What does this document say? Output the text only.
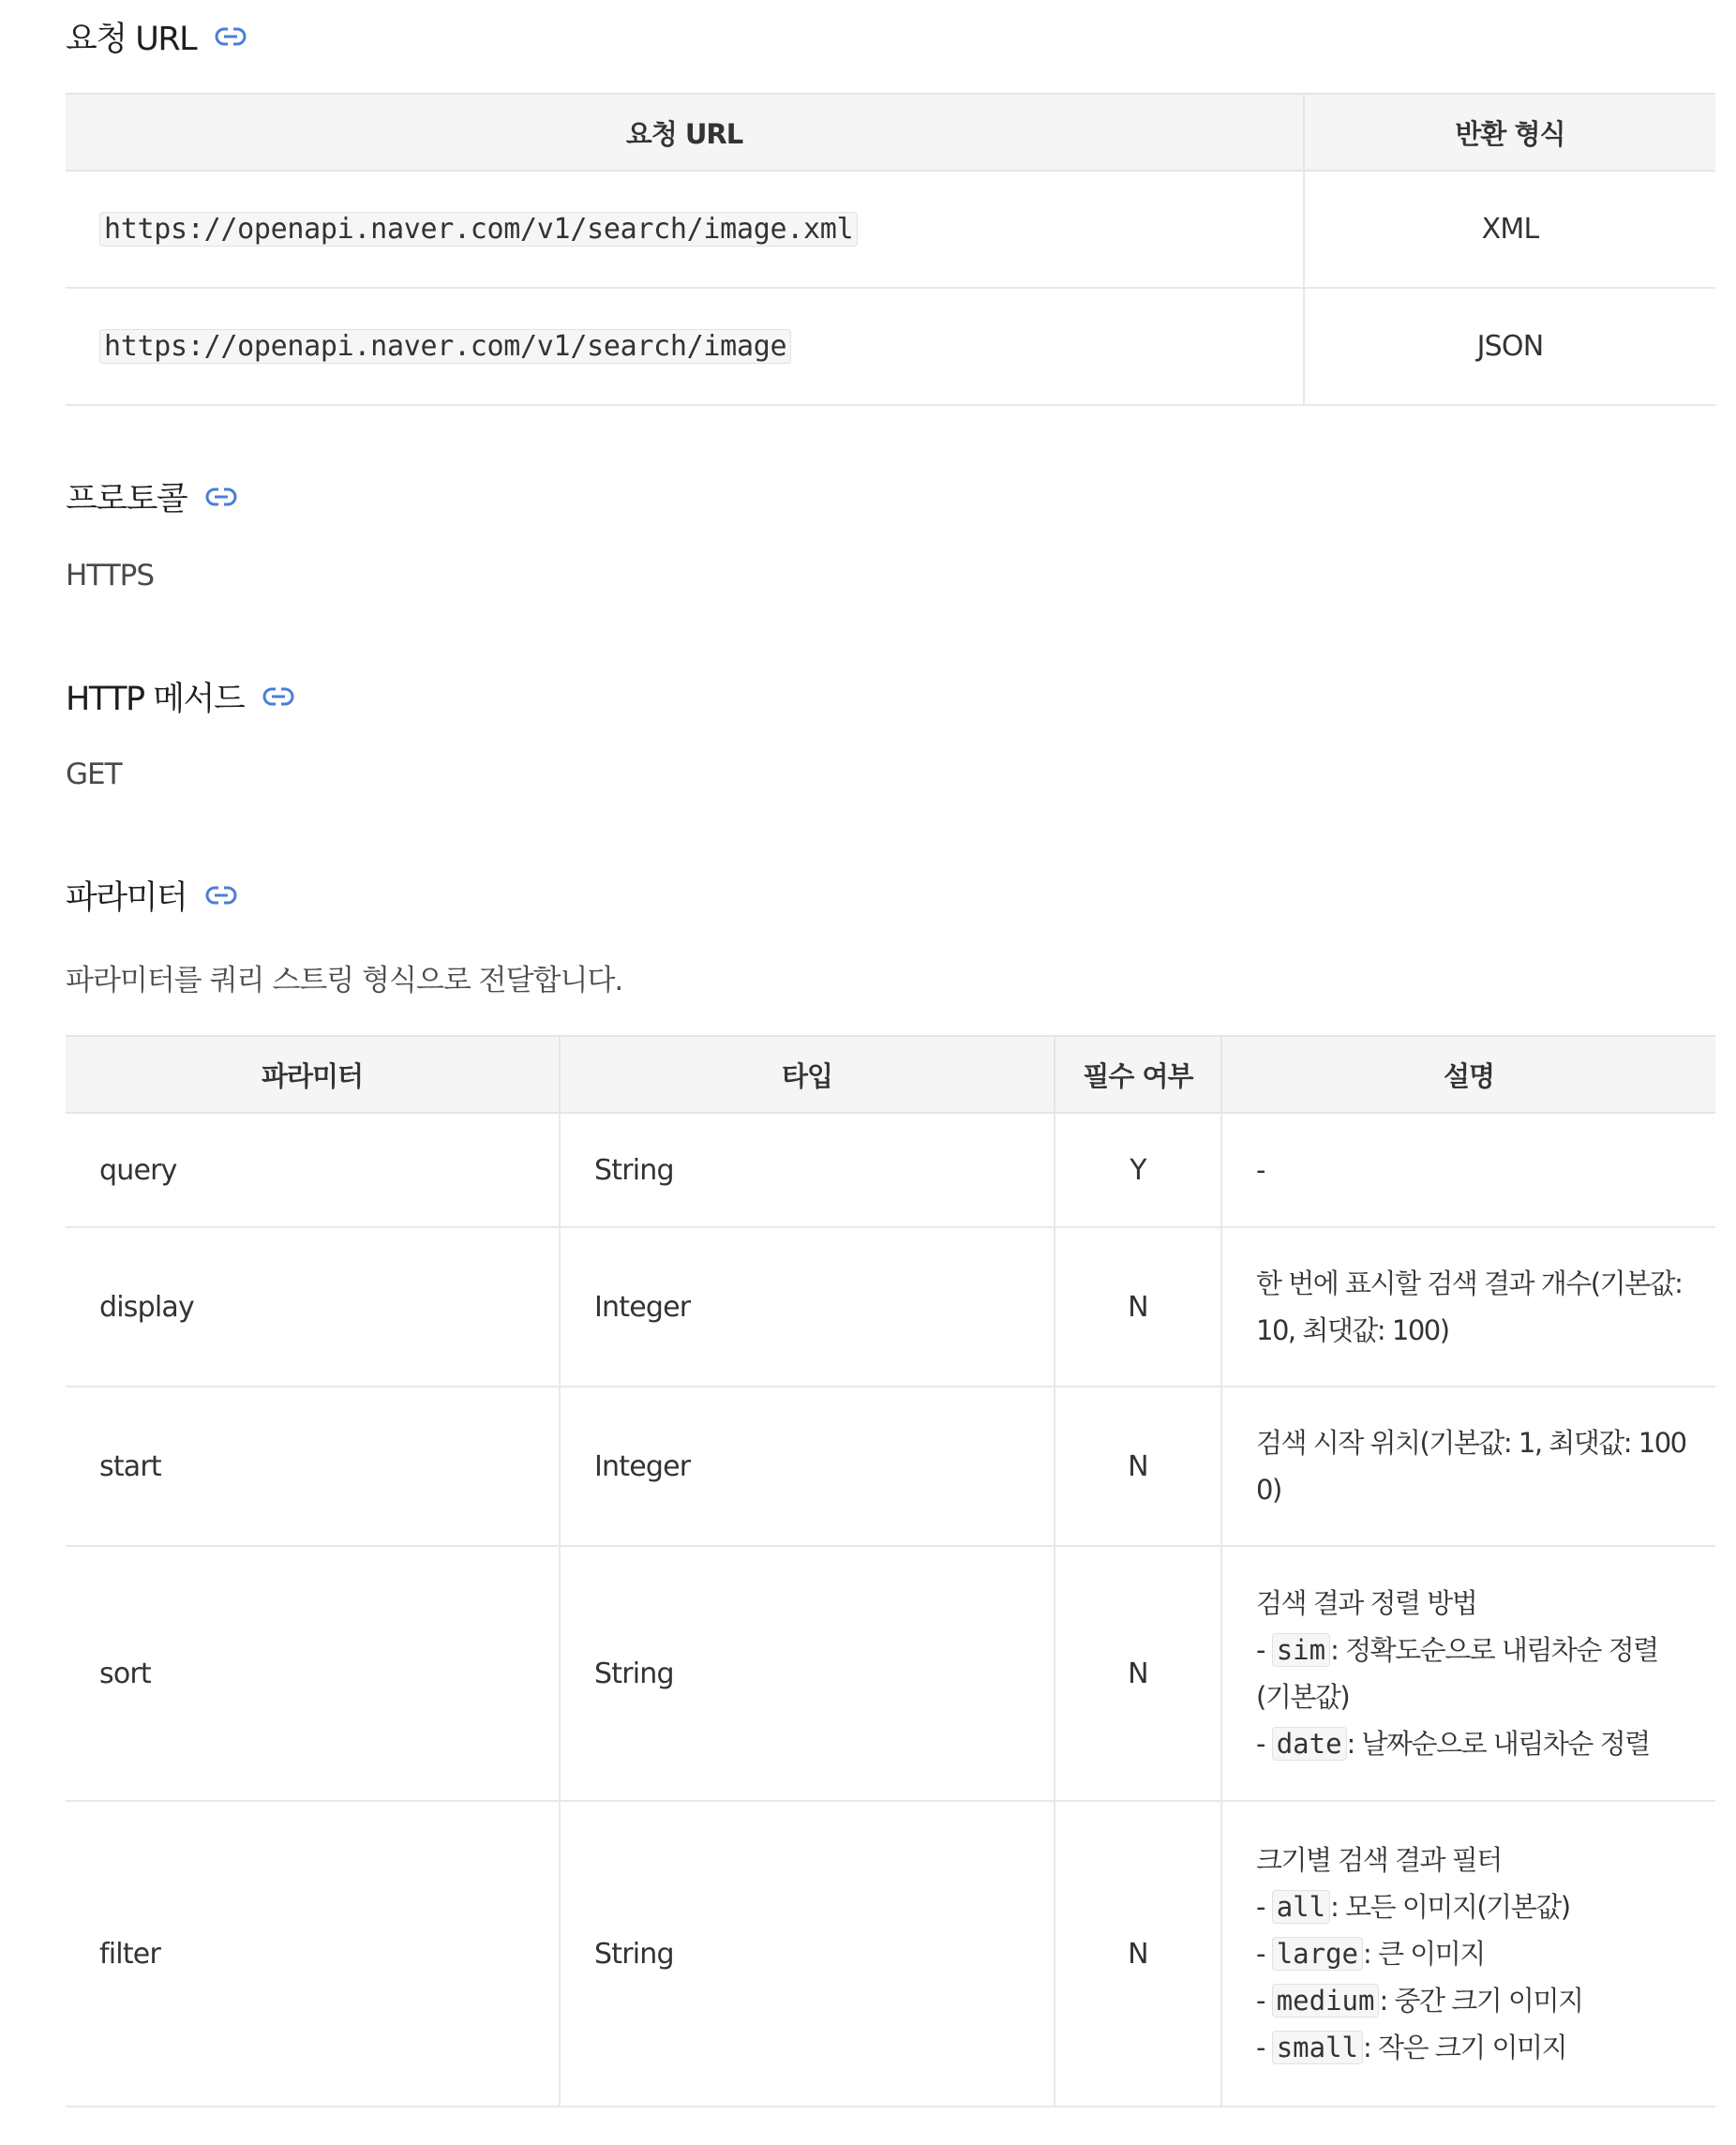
요청 URL
요청 URL	반환 형식
https://openapi.naver.com/v1/search/image.xml	XML
https://openapi.naver.com/v1/search/image	JSON
프로토콜

HTTPS

HTTP 메서드

GET

파라미터

파라미터를 쿼리 스트링 형식으로 전달합니다.

파라미터	타입	필수 여부	설명
query	String	Y	-

display	Integer	N	한 번에 표시할 검색 결과 개수(기본값:
10, 최댓값: 100)

start	Integer	N	검색 시작 위치(기본값: 1, 최댓값: 100
0)

sort	String	N	검색 결과 정렬 방법
- sim : 정확도순으로 내림차순 정렬
(기본값)
- date : 날짜순으로 내림차순 정렬

filter	String	N	크기별 검색 결과 필터
- all : 모든 이미지(기본값)
- large : 큰 이미지
- medium : 중간 크기 이미지
- small : 작은 크기 이미지
